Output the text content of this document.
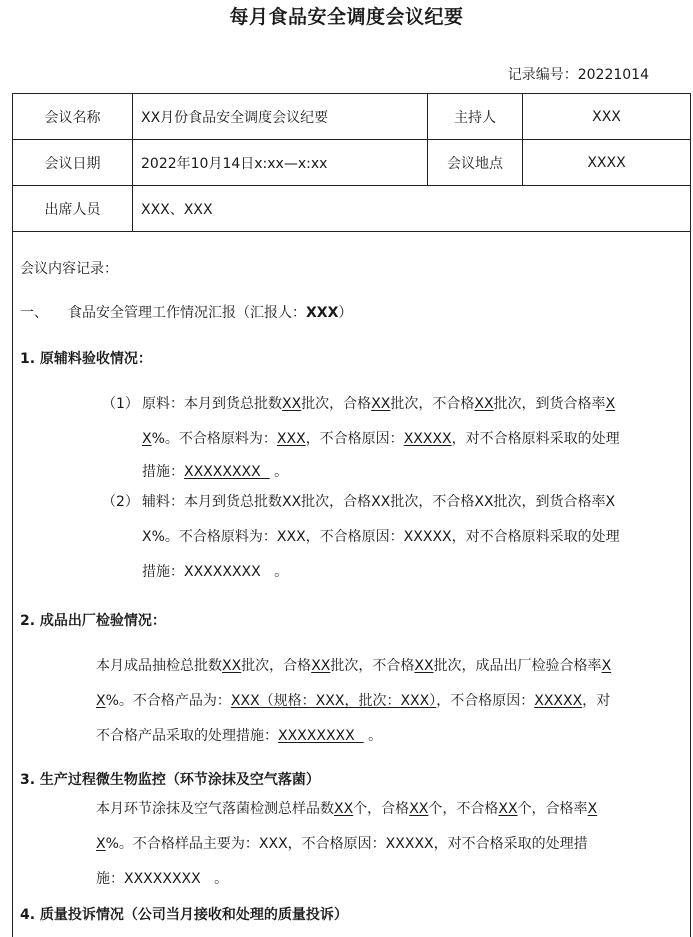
每月食品安全调度会议纪要
记录编号：20221014
会议名称	XX月份食品安全调度会议纪要	主持人	XXX
会议日期	2022年10月14日x:xx—x:xx	会议地点	XXXX
出席人员	XXX、XXX		
会议内容记录：
一、 食品安全管理工作情况汇报（汇报人：XXX）
1. 原辅料验收情况：
（1） 原料：本月到货总批数XX批次，合格XX批次，不合格XX批次，到货合格率X
X%。不合格原料为：XXX，不合格原因：XXXXX，对不合格原料采取的处理
措施：XXXXXXXX   。
（2） 辅料：本月到货总批数XX批次，合格XX批次，不合格XX批次，到货合格率X
X%。不合格原料为：XXX，不合格原因：XXXXX，对不合格原料采取的处理
措施：XXXXXXXX   。
2. 成品出厂检验情况：
本月成品抽检总批数XX批次，合格XX批次，不合格XX批次，成品出厂检验合格率X
X%。不合格产品为：XXX（规格：XXX，批次：XXX），不合格原因：XXXXX，对
不合格产品采取的处理措施：XXXXXXXX   。
3. 生产过程微生物监控（环节涂抹及空气落菌）
本月环节涂抹及空气落菌检测总样品数XX个，合格XX个，不合格XX个，合格率X
X%。不合格样品主要为：XXX，不合格原因：XXXXX，对不合格采取的处理措
施：XXXXXXXX   。
4. 质量投诉情况（公司当月接收和处理的质量投诉）
